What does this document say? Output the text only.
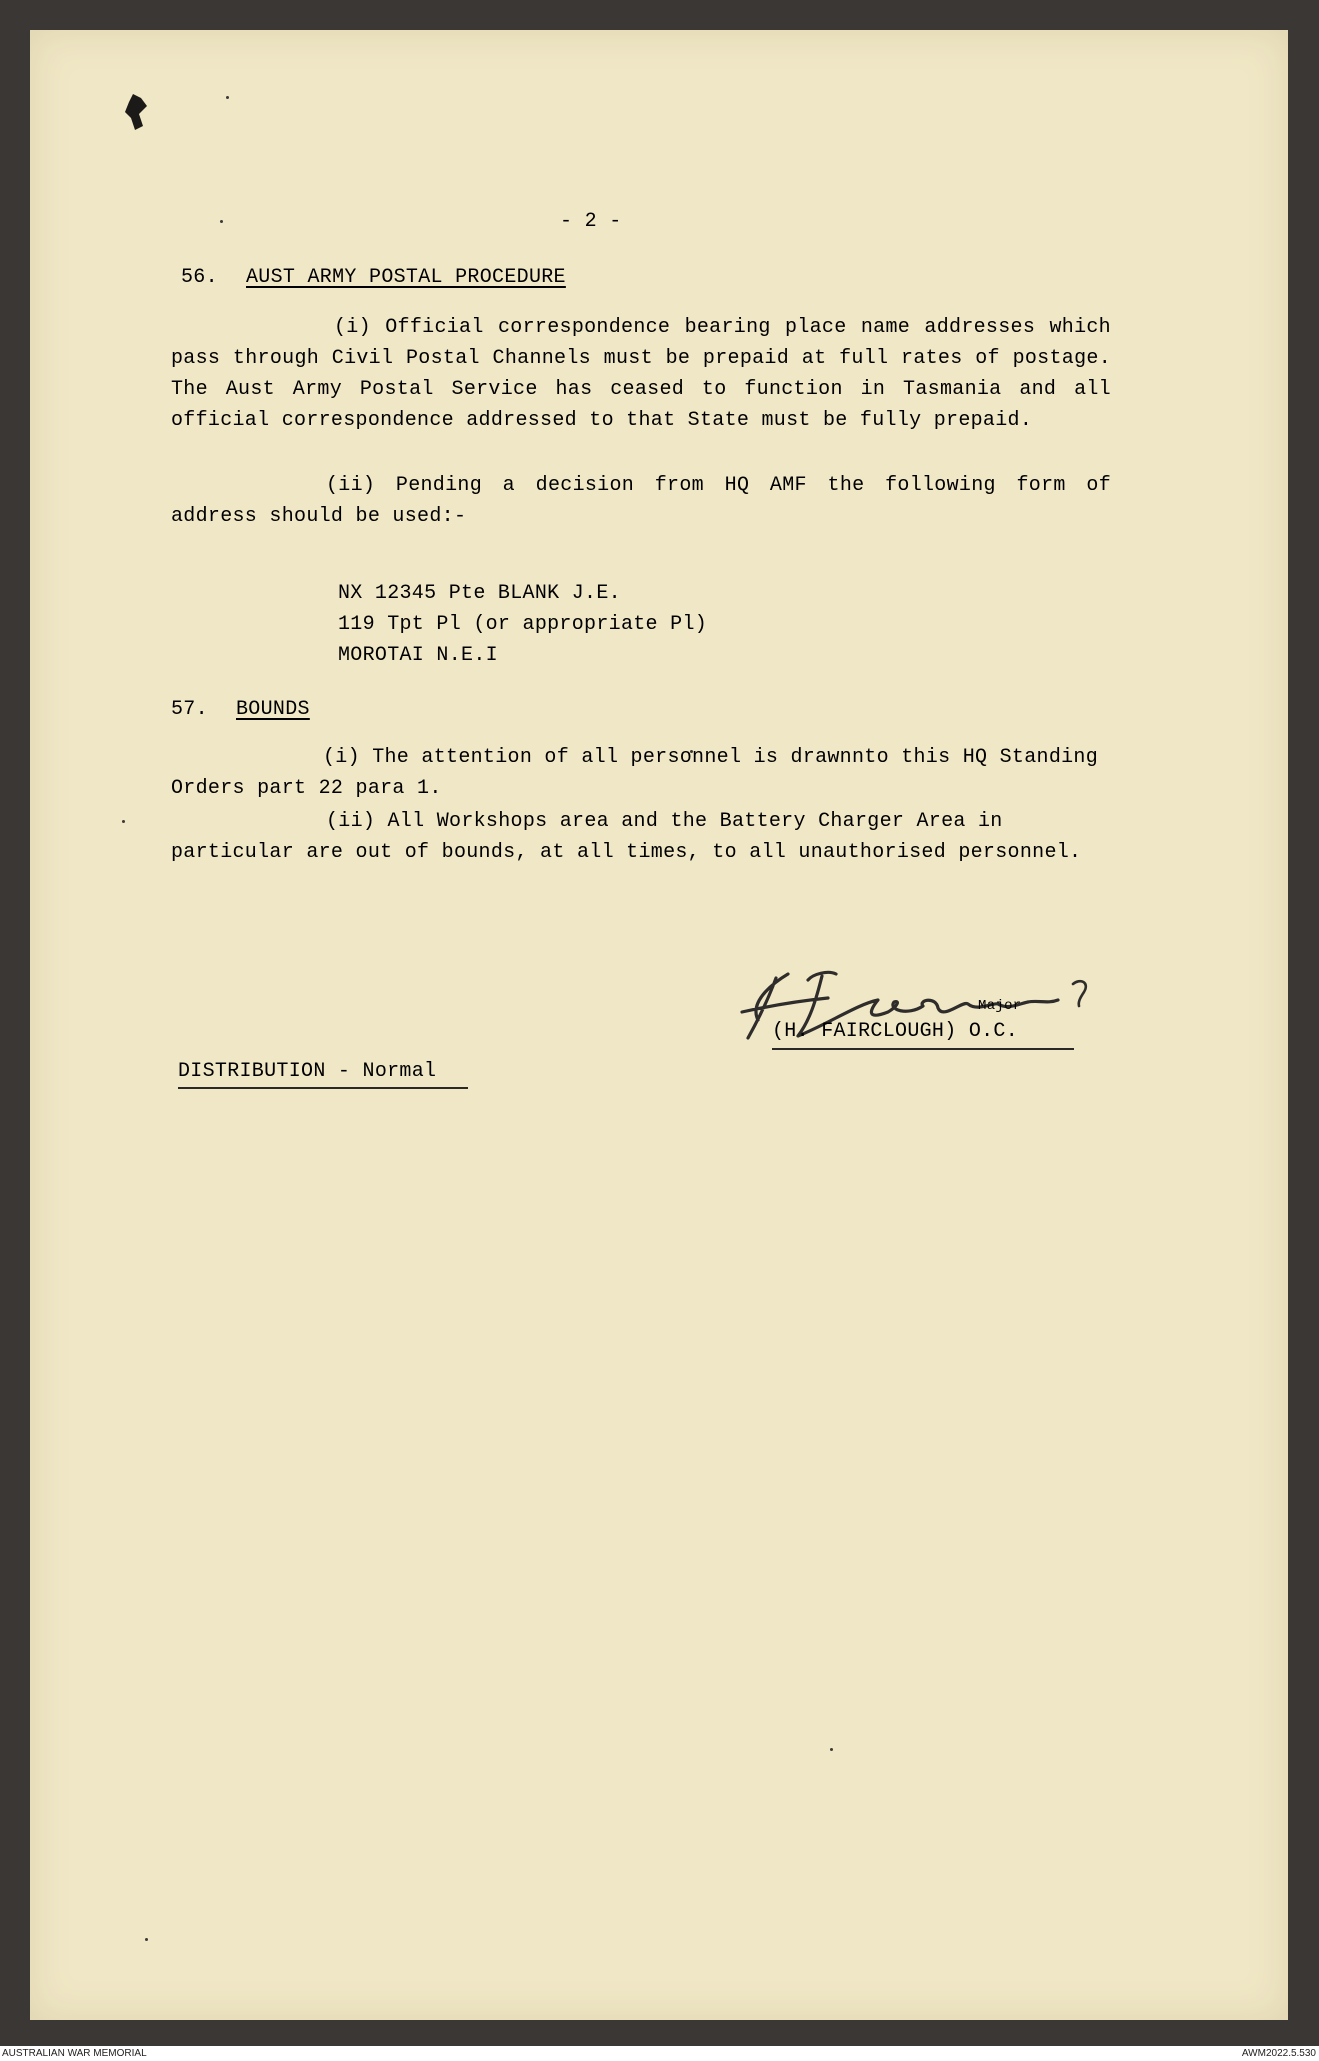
- 2 -
56. AUST ARMY POSTAL PROCEDURE
(i) Official correspondence bearing place name addresses which pass through Civil Postal Channels must be prepaid at full rates of postage. The Aust Army Postal Service has ceased to function in Tasmania and all official correspondence addressed to that State must be fully prepaid.
(ii) Pending a decision from HQ AMF the following form of address should be used:-
NX 12345 Pte BLANK J.E.
119 Tpt Pl (or appropriate Pl)
MOROTAI N.E.I
57. BOUNDS
(i) The attention of all personnel is drawnnto this HQ Standing Orders part 22 para 1.
(ii) All Workshops area and the Battery Charger Area in particular are out of bounds, at all times, to all unauthorised personnel.
Major
(H. FAIRCLOUGH) O.C.
DISTRIBUTION - Normal
AUSTRALIAN WAR MEMORIAL	AWM2022.5.530
